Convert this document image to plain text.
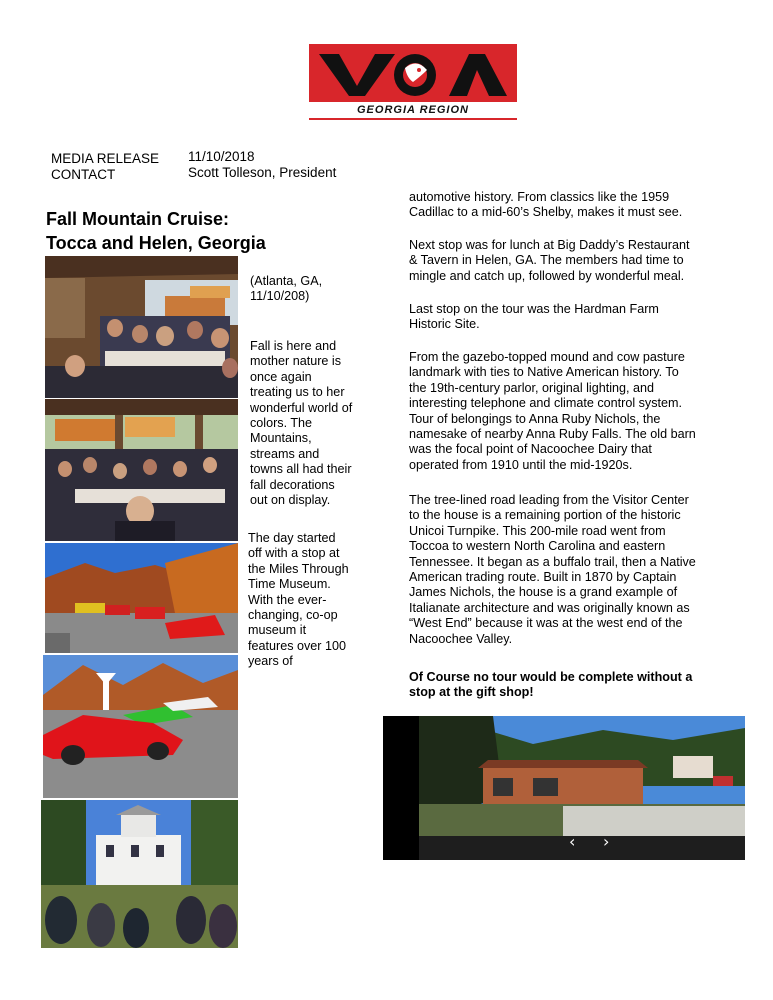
GEORGIA REGION
MEDIA RELEASE
CONTACT
11/10/2018
Scott Tolleson, President
Fall Mountain Cruise:
Tocca and Helen, Georgia
(Atlanta, GA,
11/10/208)
Fall is here and
mother nature is
once again
treating us to her
wonderful world of
colors. The
Mountains,
streams and
towns all had their
fall decorations
out on display.
The day started
off with a stop at
the Miles Through
Time Museum.
With the ever-
changing, co-op
museum it
features over 100
years of
automotive history. From classics like the 1959
Cadillac to a mid-60’s Shelby, makes it must see.
Next stop was for lunch at Big Daddy’s Restaurant
& Tavern in Helen, GA. The members had time to
mingle and catch up, followed by wonderful meal.
Last stop on the tour was the Hardman Farm
Historic Site.
From the gazebo-topped mound and cow pasture
landmark with ties to Native American history. To
the 19th-century parlor, original lighting, and
interesting telephone and climate control system.
Tour of belongings to Anna Ruby Nichols, the
namesake of nearby Anna Ruby Falls. The old barn
was the focal point of Nacoochee Dairy that
operated from 1910 until the mid-1920s.
The tree-lined road leading from the Visitor Center
to the house is a remaining portion of the historic
Unicoi Turnpike. This 200-mile road went from
Toccoa to western North Carolina and eastern
Tennessee. It began as a buffalo trail, then a Native
American trading route. Built in 1870 by Captain
James Nichols, the house is a grand example of
Italianate architecture and was originally known as
“West End” because it was at the west end of the
Nacoochee Valley.
Of Course no tour would be complete without a
stop at the gift shop!
‹ ›
